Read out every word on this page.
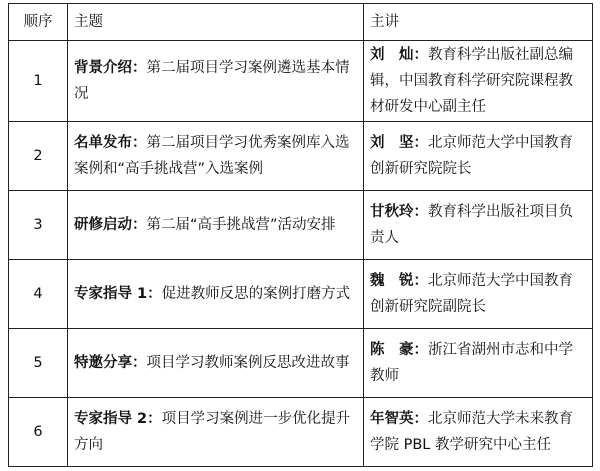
顺序	主题	主讲
1	背景介绍：第二届项目学习案例遴选基本情况	刘　灿：教育科学出版社副总编辑，中国教育科学研究院课程教材研发中心副主任
2	名单发布：第二届项目学习优秀案例库入选案例和“高手挑战营”入选案例	刘　坚：北京师范大学中国教育创新研究院院长
3	研修启动：第二届“高手挑战营”活动安排	甘秋玲：教育科学出版社项目负责人
4	专家指导 1：促进教师反思的案例打磨方式	魏　锐：北京师范大学中国教育创新研究院副院长
5	特邀分享：项目学习教师案例反思改进故事	陈　豪：浙江省湖州市志和中学教师
6	专家指导 2：项目学习案例进一步优化提升方向	年智英：北京师范大学未来教育学院 PBL 教学研究中心主任
